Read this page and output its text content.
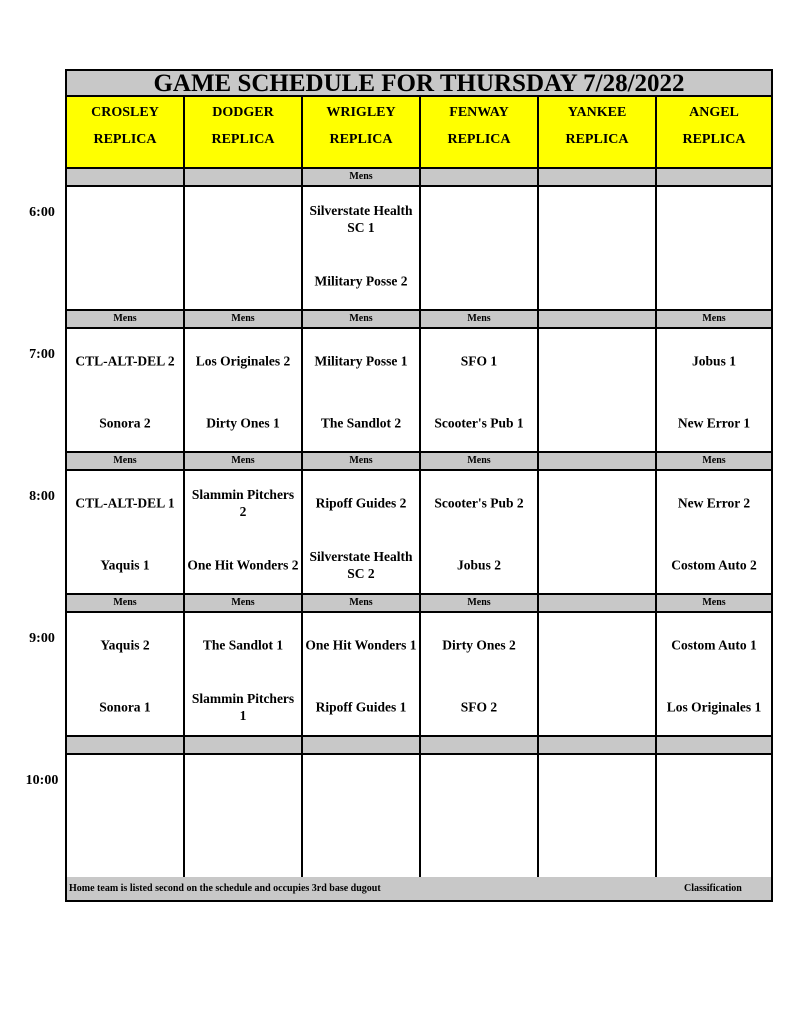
GAME SCHEDULE FOR THURSDAY 7/28/2022
CROSLEY
REPLICA
DODGER
REPLICA
WRIGLEY
REPLICA
FENWAY
REPLICA
YANKEE
REPLICA
ANGEL
REPLICA
Mens
Silverstate Health SC 1
Military Posse 2
Mens
CTL-ALT-DEL 2
Sonora 2
Mens
Los Originales 2
Dirty Ones 1
Mens
Military Posse 1
The Sandlot 2
Mens
SFO 1
Scooter's Pub 1
Mens
Jobus 1
New Error 1
Mens
CTL-ALT-DEL 1
Yaquis 1
Mens
Slammin Pitchers 2
One Hit Wonders 2
Mens
Ripoff Guides 2
Silverstate Health SC 2
Mens
Scooter's Pub 2
Jobus 2
Mens
New Error 2
Costom Auto 2
Mens
Yaquis 2
Sonora 1
Mens
The Sandlot 1
Slammin Pitchers 1
Mens
One Hit Wonders 1
Ripoff Guides 1
Mens
Dirty Ones 2
SFO 2
Mens
Costom Auto 1
Los Originales 1
Home team is listed second on the schedule and occupies 3rd base dugout	Classification
6:00
7:00
8:00
9:00
10:00
